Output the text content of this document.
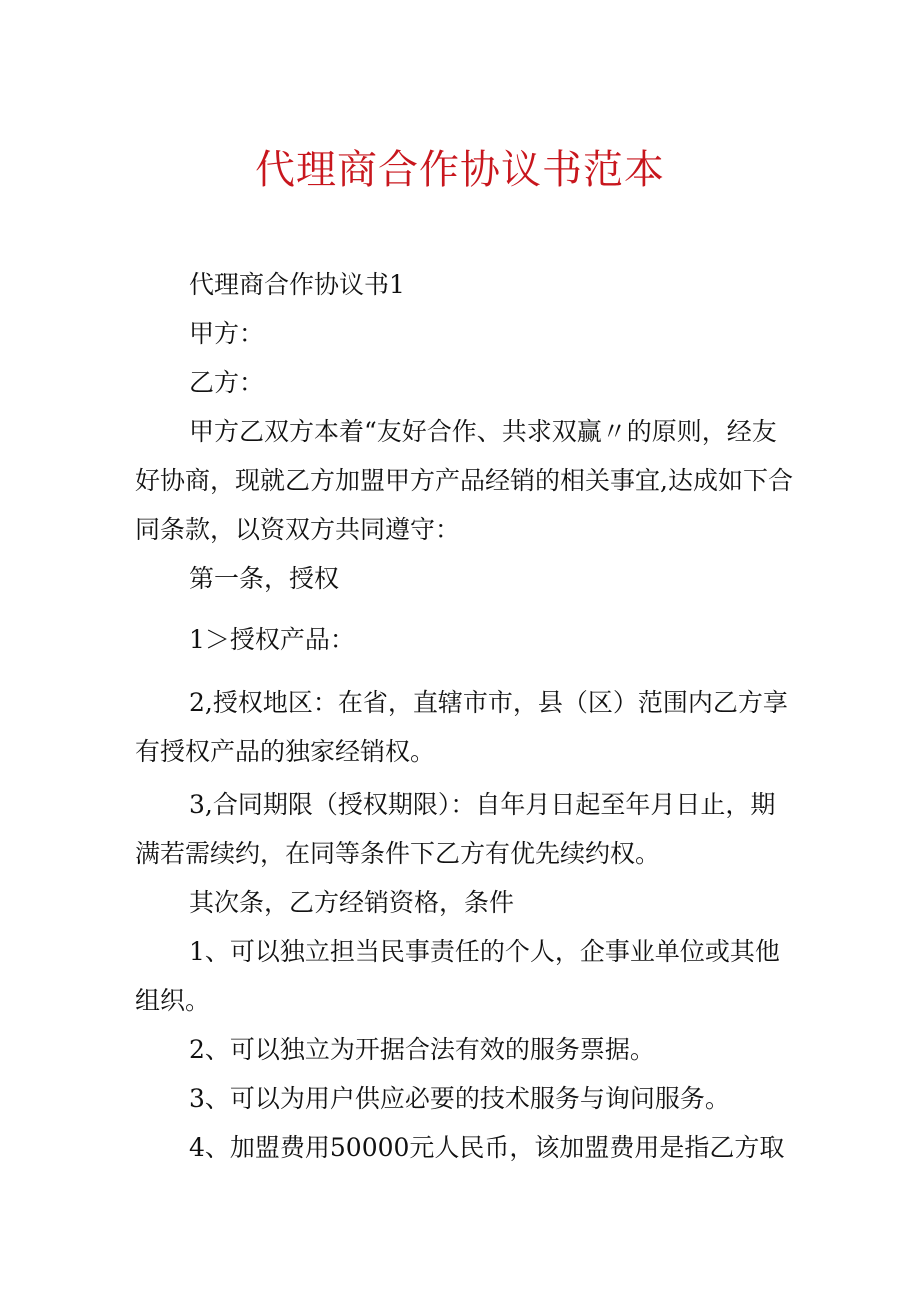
代理商合作协议书范本

代理商合作协议书1

甲方：

乙方：

甲方乙双方本着“友好合作、共求双赢〃的原则，经友好协商，现就乙方加盟甲方产品经销的相关事宜,达成如下合同条款，以资双方共同遵守：

第一条，授权

1＞授权产品：

2,授权地区：在省，直辖市市，县（区）范围内乙方享有授权产品的独家经销权。

3,合同期限（授权期限）：自年月日起至年月日止，期满若需续约，在同等条件下乙方有优先续约权。

其次条，乙方经销资格，条件

1、可以独立担当民事责任的个人，企事业单位或其他组织。

2、可以独立为开据合法有效的服务票据。

3、可以为用户供应必要的技术服务与询问服务。

4、加盟费用50000元人民币，该加盟费用是指乙方取
